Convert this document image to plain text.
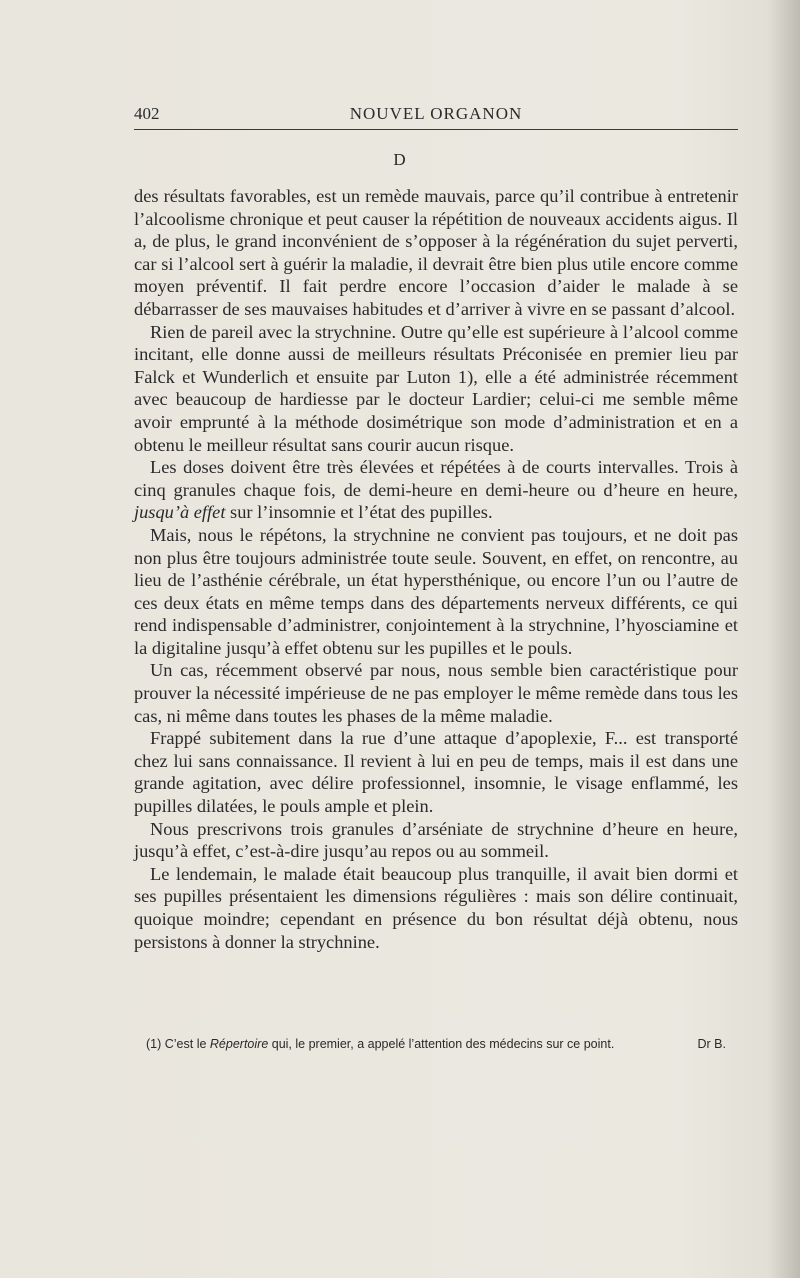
402	NOUVEL ORGANON
D

des résultats favorables, est un remède mauvais, parce qu’il contribue à entretenir l’alcoolisme chronique et peut causer la répétition de nouveaux accidents aigus. Il a, de plus, le grand inconvénient de s’opposer à la régénération du sujet perverti, car si l’alcool sert à guérir la maladie, il devrait être bien plus utile encore comme moyen préventif. Il fait perdre encore l’occasion d’aider le malade à se débarrasser de ses mauvaises habitudes et d’arriver à vivre en se passant d’alcool.

Rien de pareil avec la strychnine. Outre qu’elle est supérieure à l’alcool comme incitant, elle donne aussi de meilleurs résultats Préconisée en premier lieu par Falck et Wunderlich et ensuite par Luton 1), elle a été administrée récemment avec beaucoup de hardiesse par le docteur Lardier; celui-ci me semble même avoir emprunté à la méthode dosimétrique son mode d’administration et en a obtenu le meilleur résultat sans courir aucun risque.

Les doses doivent être très élevées et répétées à de courts intervalles. Trois à cinq granules chaque fois, de demi-heure en demi-heure ou d’heure en heure, jusqu’à effet sur l’insomnie et l’état des pupilles.

Mais, nous le répétons, la strychnine ne convient pas toujours, et ne doit pas non plus être toujours administrée toute seule. Souvent, en effet, on rencontre, au lieu de l’asthénie cérébrale, un état hypersthénique, ou encore l’un ou l’autre de ces deux états en même temps dans des départements nerveux différents, ce qui rend indispensable d’administrer, conjointement à la strychnine, l’hyosciamine et la digitaline jusqu’à effet obtenu sur les pupilles et le pouls.

Un cas, récemment observé par nous, nous semble bien caractéristique pour prouver la nécessité impérieuse de ne pas employer le même remède dans tous les cas, ni même dans toutes les phases de la même maladie.

Frappé subitement dans la rue d’une attaque d’apoplexie, F... est transporté chez lui sans connaissance. Il revient à lui en peu de temps, mais il est dans une grande agitation, avec délire professionnel, insomnie, le visage enflammé, les pupilles dilatées, le pouls ample et plein.

Nous prescrivons trois granules d’arséniate de strychnine d’heure en heure, jusqu’à effet, c’est-à-dire jusqu’au repos ou au sommeil.

Le lendemain, le malade était beaucoup plus tranquille, il avait bien dormi et ses pupilles présentaient les dimensions régulières : mais son délire continuait, quoique moindre; cependant en présence du bon résultat déjà obtenu, nous persistons à donner la strychnine.

(1) C’est le Répertoire qui, le premier, a appelé l’attention des médecins sur ce point.	Dr B.
